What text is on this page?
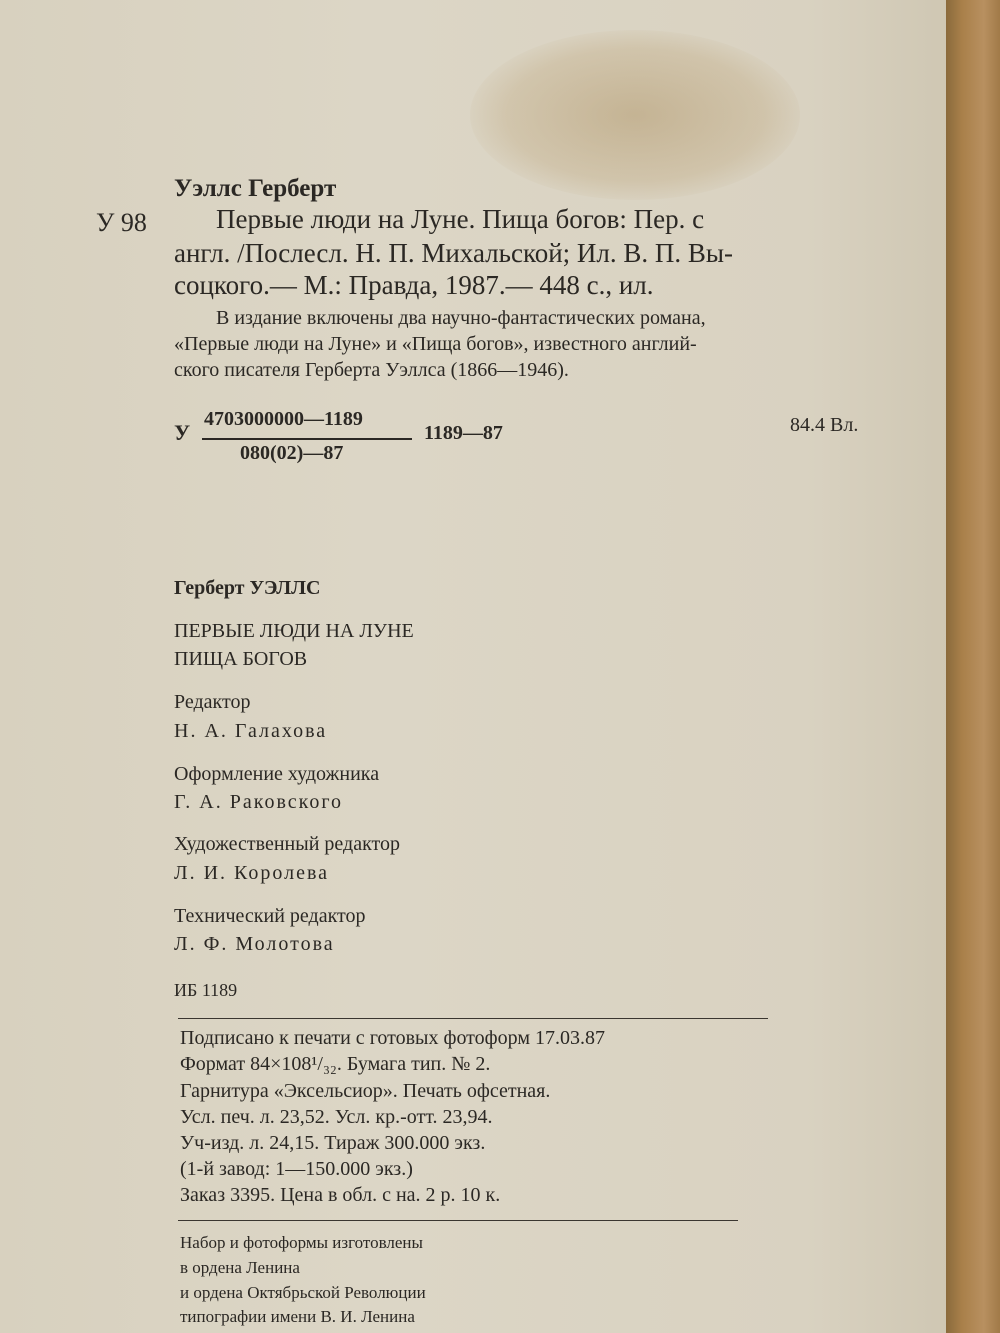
Уэллс Герберт
У 98	Первые люди на Луне. Пища богов: Пер. с
англ. /Послесл. Н. П. Михальской; Ил. В. П. Вы-
соцкого.— М.: Правда, 1987.— 448 с., ил.
В издание включены два научно-фантастических романа,
«Первые люди на Луне» и «Пища богов», известного англий-
ского писателя Герберта Уэллса (1866—1946).
У
4703000000—1189
080(02)—87
1189—87	84.4 Вл.
Герберт УЭЛЛС
ПЕРВЫЕ ЛЮДИ НА ЛУНЕ
ПИЩА БОГОВ
Редактор
Н. А. Галахова
Оформление художника
Г. А. Раковского
Художественный редактор
Л. И. Королева
Технический редактор
Л. Ф. Молотова
ИБ 1189
Подписано к печати с готовых фотоформ 17.03.87
Формат 84×108¹/₃₂. Бумага тип. № 2.
Гарнитура «Эксельсиор». Печать офсетная.
Усл. печ. л. 23,52. Усл. кр.-отт. 23,94.
Уч-изд. л. 24,15. Тираж 300.000 экз.
(1-й завод: 1—150.000 экз.)
Заказ 3395. Цена в обл. с на. 2 р. 10 к.
Набор и фотоформы изготовлены
в ордена Ленина
и ордена Октябрьской Революции
типографии имени В. И. Ленина
